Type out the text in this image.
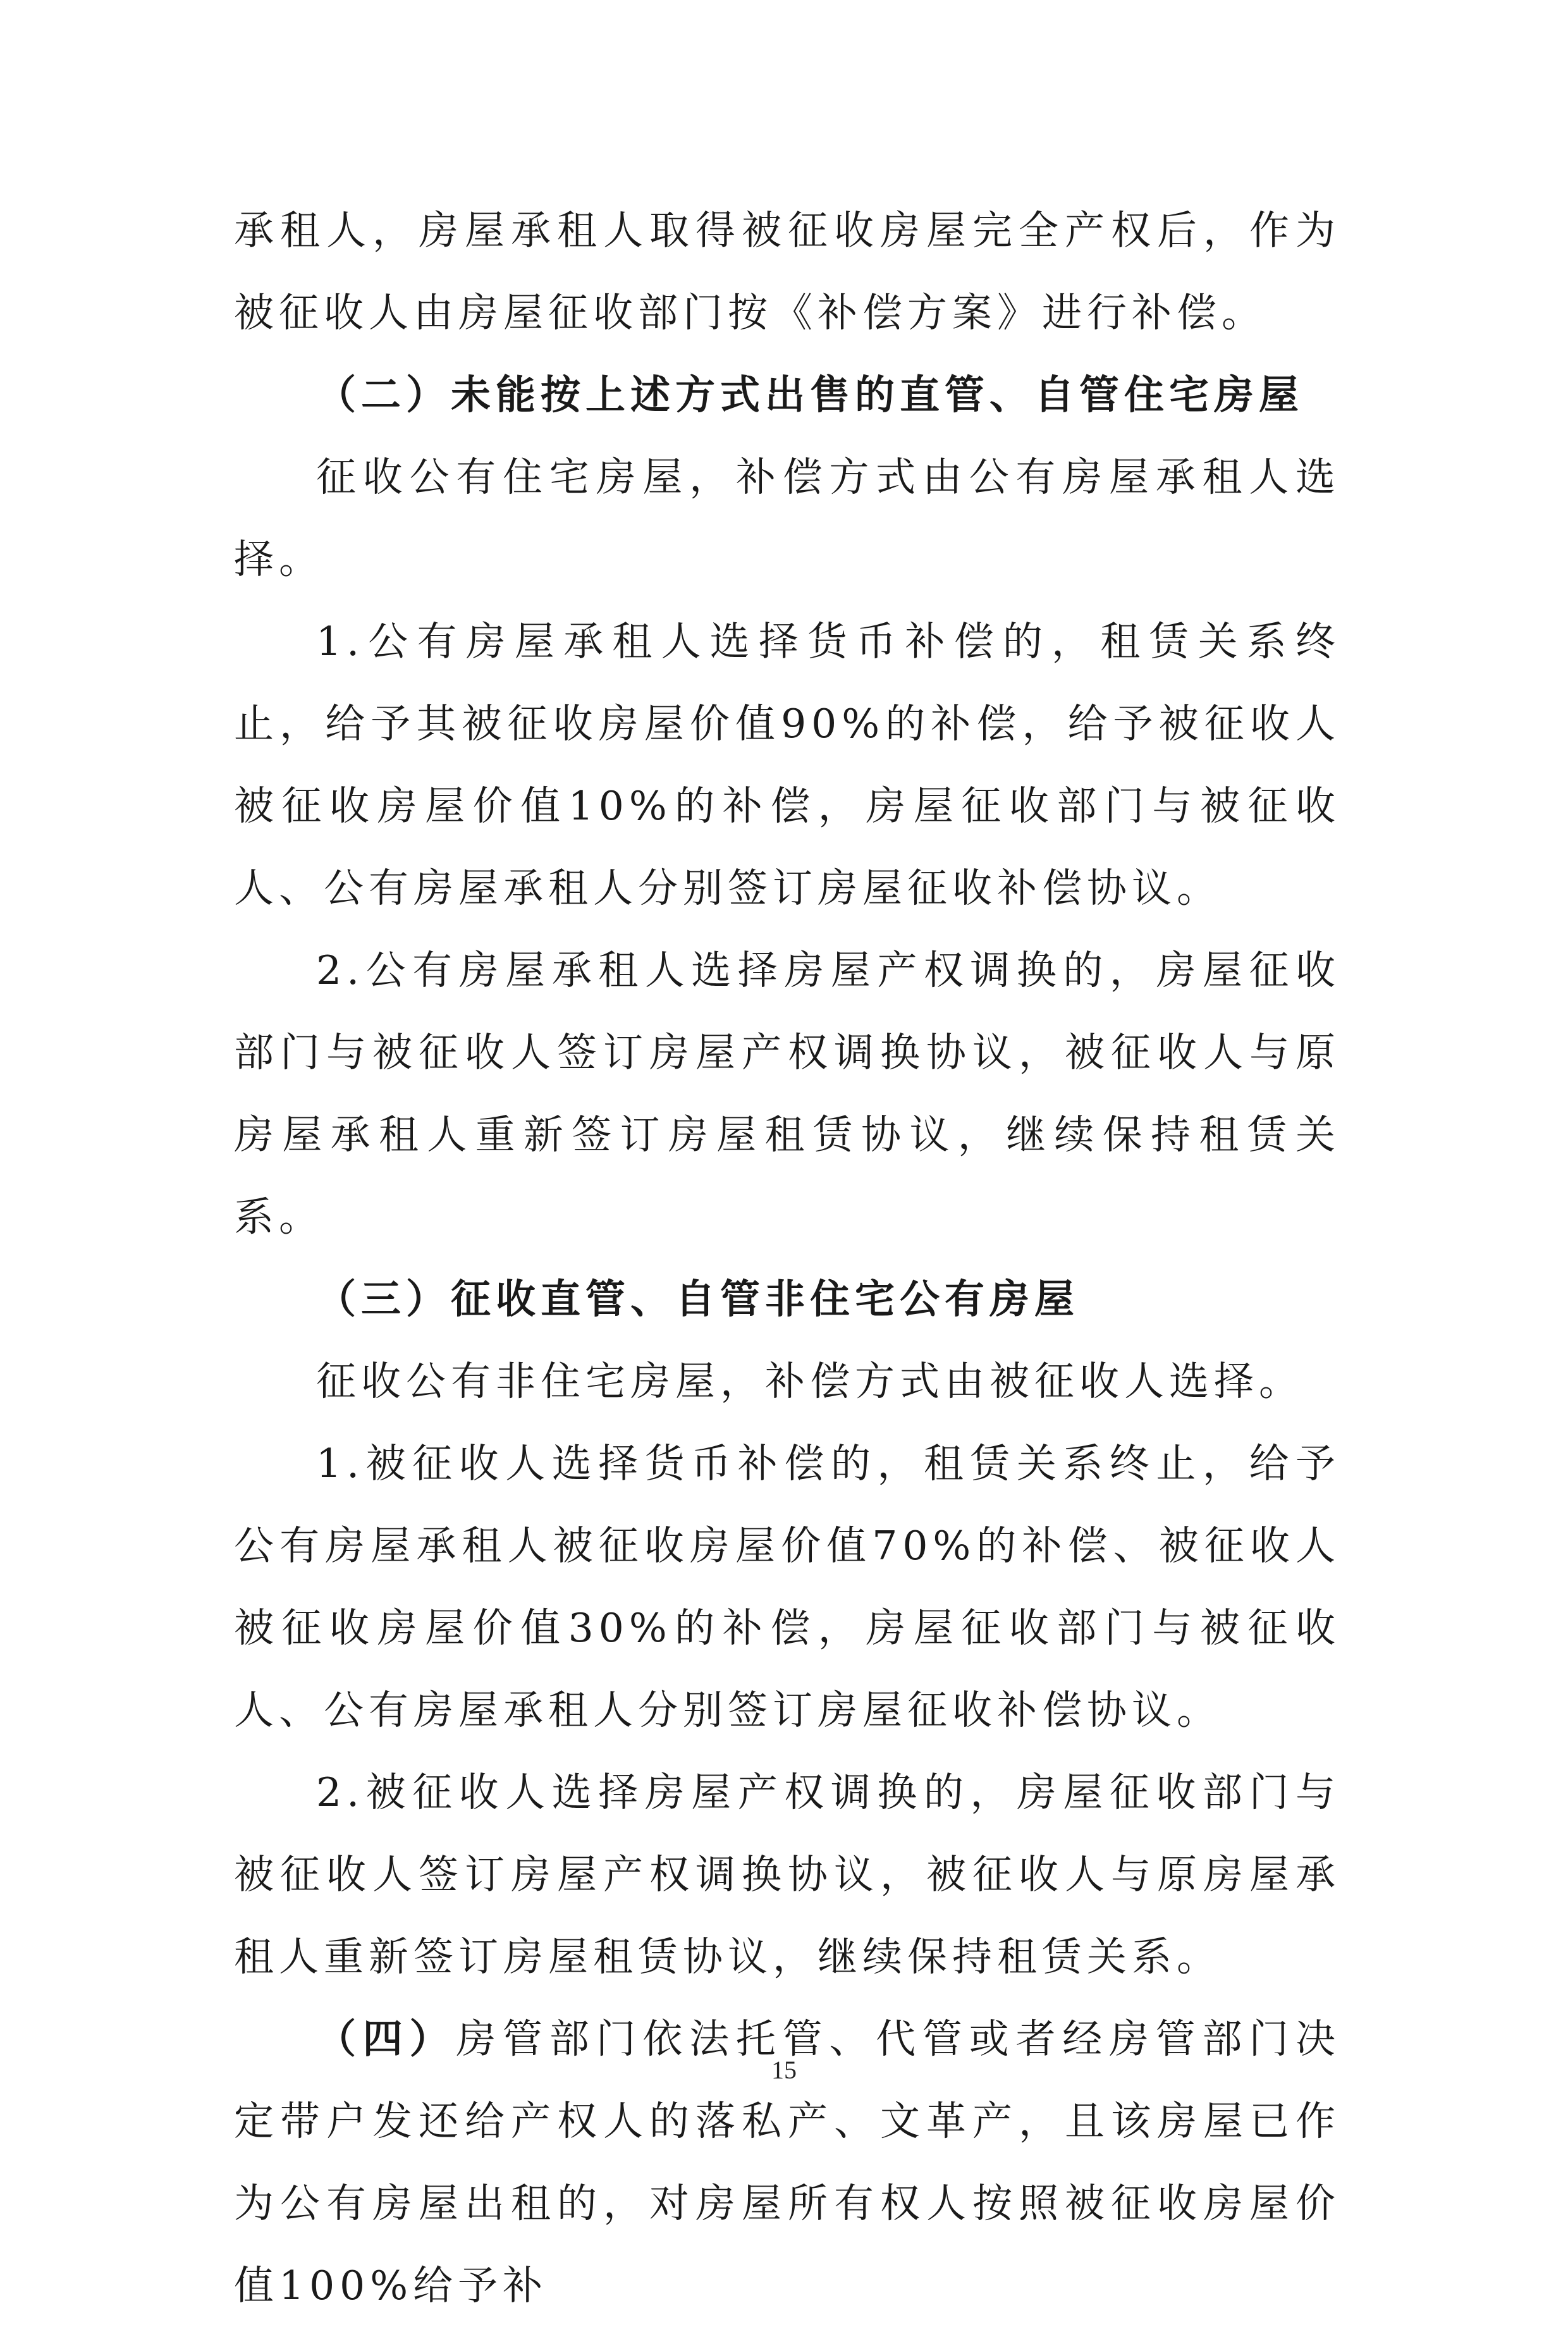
承租人，房屋承租人取得被征收房屋完全产权后，作为被征收人由房屋征收部门按《补偿方案》进行补偿。

（二）未能按上述方式出售的直管、自管住宅房屋

征收公有住宅房屋，补偿方式由公有房屋承租人选择。

1.公有房屋承租人选择货币补偿的，租赁关系终止，给予其被征收房屋价值90%的补偿，给予被征收人被征收房屋价值10%的补偿，房屋征收部门与被征收人、公有房屋承租人分别签订房屋征收补偿协议。

2.公有房屋承租人选择房屋产权调换的，房屋征收部门与被征收人签订房屋产权调换协议，被征收人与原房屋承租人重新签订房屋租赁协议，继续保持租赁关系。

（三）征收直管、自管非住宅公有房屋

征收公有非住宅房屋，补偿方式由被征收人选择。

1.被征收人选择货币补偿的，租赁关系终止，给予公有房屋承租人被征收房屋价值70%的补偿、被征收人被征收房屋价值30%的补偿，房屋征收部门与被征收人、公有房屋承租人分别签订房屋征收补偿协议。

2.被征收人选择房屋产权调换的，房屋征收部门与被征收人签订房屋产权调换协议，被征收人与原房屋承租人重新签订房屋租赁协议，继续保持租赁关系。

（四）房管部门依法托管、代管或者经房管部门决定带户发还给产权人的落私产、文革产，且该房屋已作为公有房屋出租的，对房屋所有权人按照被征收房屋价值100%给予补

15
